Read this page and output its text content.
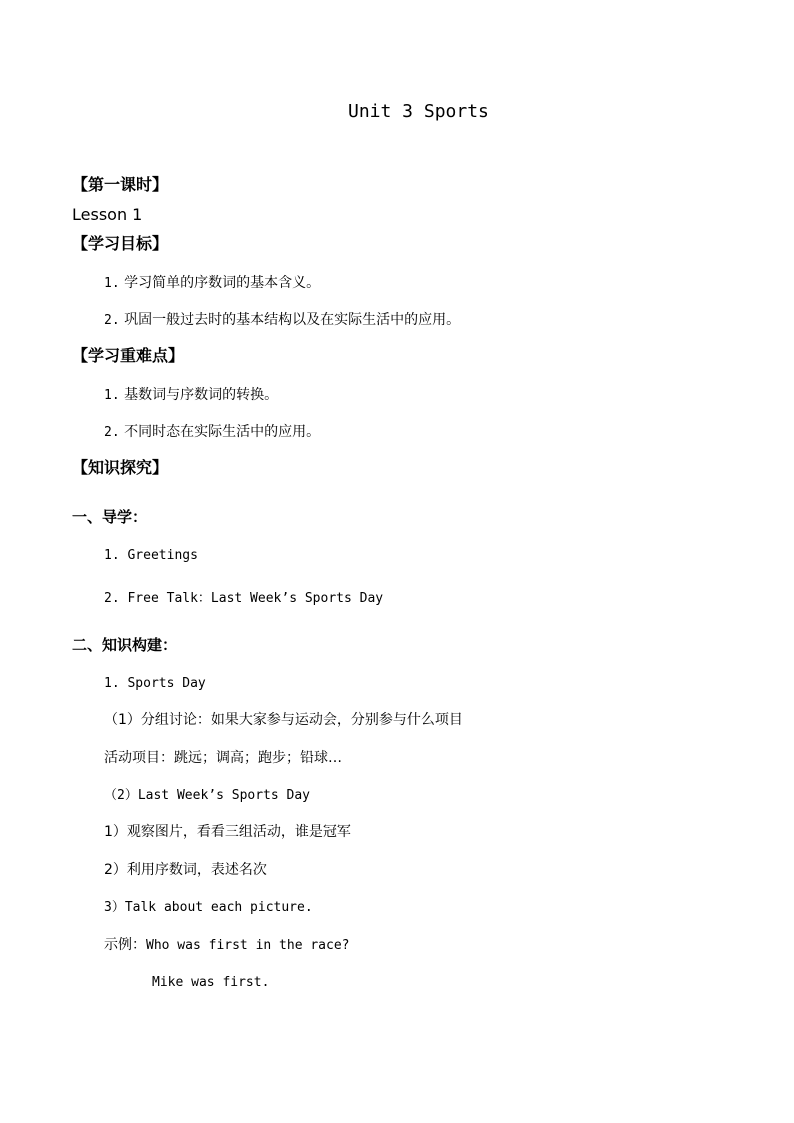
Unit 3 Sports
【第一课时】
Lesson 1
【学习目标】
1. 学习简单的序数词的基本含义。
2. 巩固一般过去时的基本结构以及在实际生活中的应用。
【学习重难点】
1. 基数词与序数词的转换。
2. 不同时态在实际生活中的应用。
【知识探究】
一、导学：
1. Greetings
2. Free Talk：Last Week’s Sports Day
二、知识构建：
1. Sports Day
（1）分组讨论：如果大家参与运动会，分别参与什么项目
活动项目：跳远；调高；跑步；铅球…
（2）Last Week’s Sports Day
1）观察图片，看看三组活动，谁是冠军
2）利用序数词，表述名次
3）Talk about each picture.
示例：Who was first in the race?
Mike was first.
